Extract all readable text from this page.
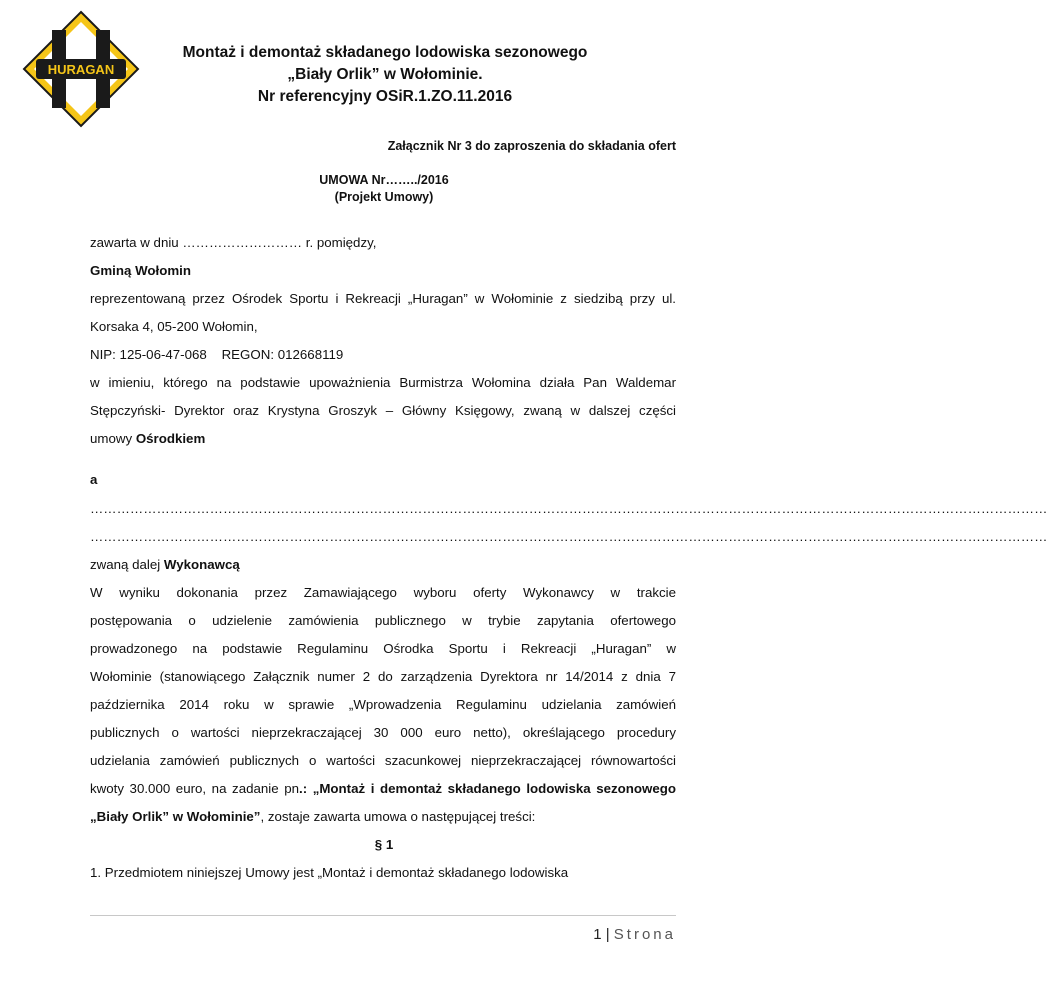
HURAGAN
Montaż i demontaż składanego lodowiska sezonowego
„Biały Orlik” w Wołominie.
Nr referencyjny OSiR.1.ZO.11.2016
Załącznik Nr 3 do zaproszenia do składania ofert
UMOWA Nr……../2016
(Projekt Umowy)
zawarta w dniu ……………………… r. pomiędzy,
Gminą Wołomin
reprezentowaną przez Ośrodek Sportu i Rekreacji „Huragan” w Wołominie z siedzibą przy ul.
Korsaka 4, 05-200 Wołomin,
NIP: 125-06-47-068    REGON: 012668119
w imieniu, którego na podstawie upoważnienia Burmistrza Wołomina działa Pan Waldemar
Stępczyński- Dyrektor oraz Krystyna Groszyk – Główny Księgowy, zwaną w dalszej części
umowy Ośrodkiem
a
………………………………………………………………………………………………………………………………………………………………………………………………
………………………………………………………………………………………………………………………………………………………………………………………………
zwaną dalej Wykonawcą
W wyniku dokonania przez Zamawiającego wyboru oferty Wykonawcy w trakcie
postępowania o udzielenie zamówienia publicznego w trybie zapytania ofertowego
prowadzonego na podstawie Regulaminu Ośrodka Sportu i Rekreacji „Huragan” w
Wołominie (stanowiącego Załącznik numer 2 do zarządzenia Dyrektora nr 14/2014 z dnia 7
października 2014 roku w sprawie „Wprowadzenia Regulaminu udzielania zamówień
publicznych o wartości nieprzekraczającej 30 000 euro netto), określającego procedury
udzielania zamówień publicznych o wartości szacunkowej nieprzekraczającej równowartości
kwoty 30.000 euro, na zadanie pn.: „Montaż i demontaż składanego lodowiska sezonowego
„Biały Orlik” w Wołominie”, zostaje zawarta umowa o następującej treści:
§ 1
1. Przedmiotem niniejszej Umowy jest „Montaż i demontaż składanego lodowiska
1 | Strona
